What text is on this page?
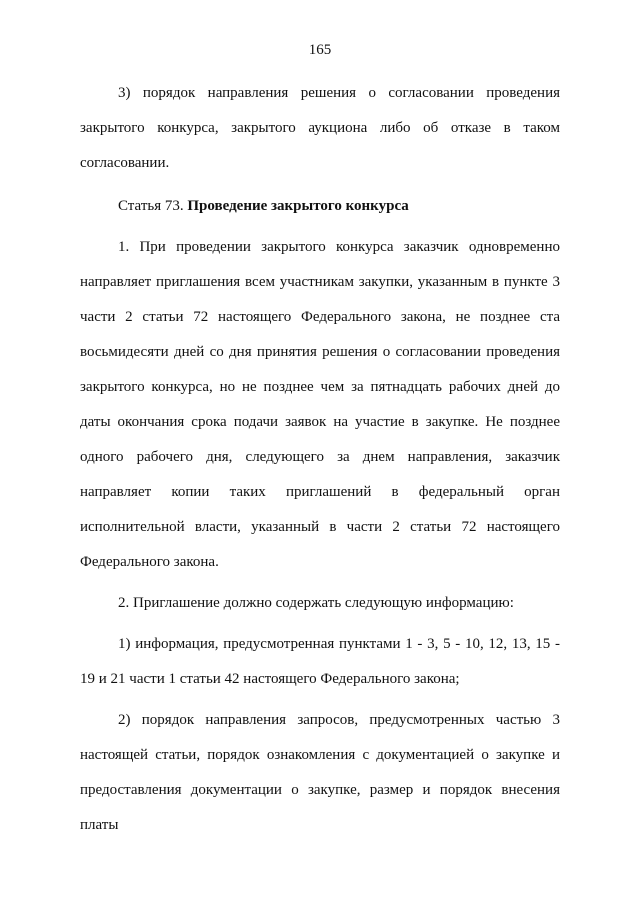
165

3) порядок направления решения о согласовании проведения закрытого конкурса, закрытого аукциона либо об отказе в таком согласовании.

Статья 73. Проведение закрытого конкурса

1. При проведении закрытого конкурса заказчик одновременно направляет приглашения всем участникам закупки, указанным в пункте 3 части 2 статьи 72 настоящего Федерального закона, не позднее ста восьмидесяти дней со дня принятия решения о согласовании проведения закрытого конкурса, но не позднее чем за пятнадцать рабочих дней до даты окончания срока подачи заявок на участие в закупке. Не позднее одного рабочего дня, следующего за днем направления, заказчик направляет копии таких приглашений в федеральный орган исполнительной власти, указанный в части 2 статьи 72 настоящего Федерального закона.

2. Приглашение должно содержать следующую информацию:

1) информация, предусмотренная пунктами 1 - 3, 5 - 10, 12, 13, 15 - 19 и 21 части 1 статьи 42 настоящего Федерального закона;

2) порядок направления запросов, предусмотренных частью 3 настоящей статьи, порядок ознакомления с документацией о закупке и предоставления документации о закупке, размер и порядок внесения платы
